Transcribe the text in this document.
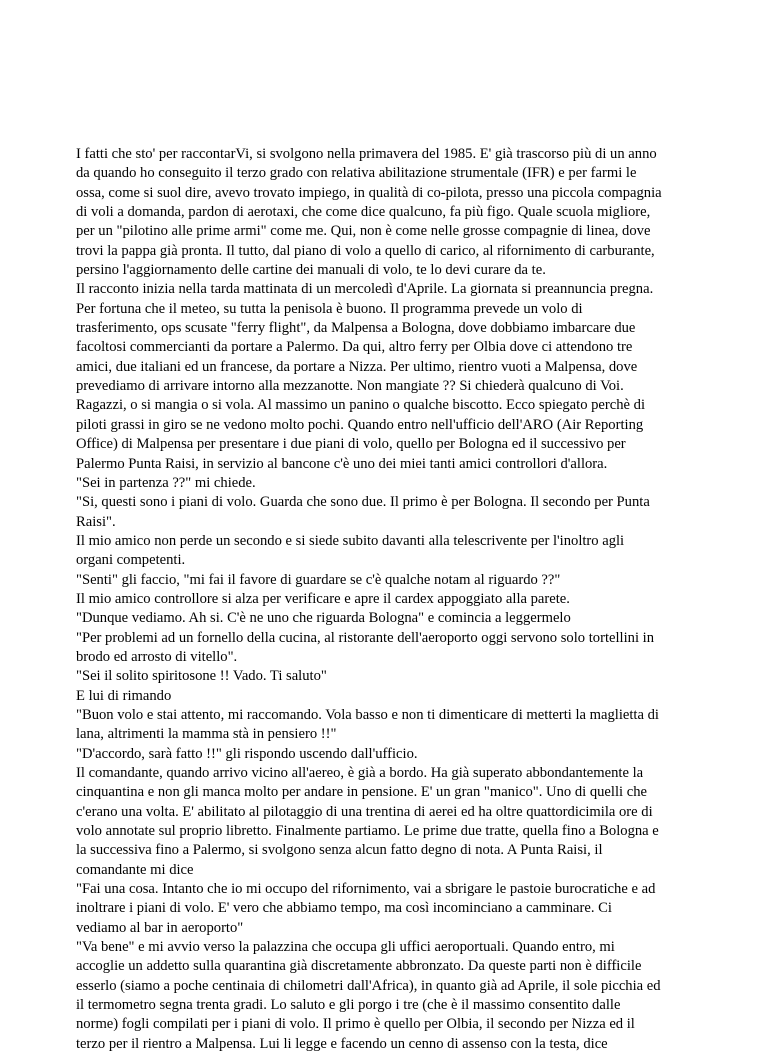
I fatti che sto' per raccontarVi, si svolgono nella primavera del 1985. E' già trascorso più di un anno
da quando ho conseguito il terzo grado con relativa abilitazione strumentale (IFR) e per farmi le
ossa, come si suol dire, avevo trovato impiego, in qualità di co-pilota, presso una piccola compagnia
di voli a domanda, pardon di aerotaxi, che come dice qualcuno, fa più figo. Quale scuola migliore,
per un "pilotino alle prime armi" come me. Qui, non è come nelle grosse compagnie di linea, dove
trovi la pappa già pronta. Il tutto, dal piano di volo a quello di carico, al rifornimento di carburante,
persino l'aggiornamento delle cartine dei manuali di volo, te lo devi curare da te.
Il racconto inizia nella tarda mattinata di un mercoledì d'Aprile. La giornata si preannuncia pregna.
Per fortuna che il meteo, su tutta la penisola è buono. Il programma prevede un volo di
trasferimento, ops scusate "ferry flight", da Malpensa a Bologna, dove dobbiamo imbarcare due
facoltosi commercianti da portare a Palermo. Da qui, altro ferry per Olbia dove ci attendono tre
amici, due italiani ed un francese, da portare a Nizza. Per ultimo, rientro vuoti a Malpensa, dove
prevediamo di arrivare intorno alla mezzanotte. Non mangiate ?? Si chiederà qualcuno di Voi.
Ragazzi, o si mangia o si vola. Al massimo un panino o qualche biscotto. Ecco spiegato perchè di
piloti grassi in giro se ne vedono molto pochi. Quando entro nell'ufficio dell'ARO (Air Reporting
Office) di Malpensa per presentare i due piani di volo, quello per Bologna ed il successivo per
Palermo Punta Raisi, in servizio al bancone c'è uno dei miei tanti amici controllori d'allora.
"Sei in partenza ??" mi chiede.
"Si, questi sono i piani di volo. Guarda che sono due. Il primo è per Bologna. Il secondo per Punta
Raisi".
Il mio amico non perde un secondo e si siede subito davanti alla telescrivente per l'inoltro agli
organi competenti.
"Senti" gli faccio, "mi fai il favore di guardare se c'è qualche notam al riguardo ??"
Il mio amico controllore si alza per verificare e apre il cardex appoggiato alla parete.
"Dunque vediamo. Ah si. C'è ne uno che riguarda Bologna" e comincia a leggermelo
"Per problemi ad un fornello della cucina, al ristorante dell'aeroporto oggi servono solo tortellini in
brodo ed arrosto di vitello".
"Sei il solito spiritosone !! Vado. Ti saluto"
E lui di rimando
"Buon volo e stai attento, mi raccomando. Vola basso e non ti dimenticare di metterti la maglietta di
lana, altrimenti la mamma stà in pensiero !!"
"D'accordo, sarà fatto !!" gli rispondo uscendo dall'ufficio.
Il comandante, quando arrivo vicino all'aereo, è già a bordo. Ha già superato abbondantemente la
cinquantina e non gli manca molto per andare in pensione. E' un gran "manico". Uno di quelli che
c'erano una volta. E' abilitato al pilotaggio di una trentina di aerei ed ha oltre quattordicimila ore di
volo annotate sul proprio libretto. Finalmente partiamo. Le prime due tratte, quella fino a Bologna e
la successiva fino a Palermo, si svolgono senza alcun fatto degno di nota. A Punta Raisi, il
comandante mi dice
"Fai una cosa. Intanto che io mi occupo del rifornimento, vai a sbrigare le pastoie burocratiche e ad
inoltrare i piani di volo. E' vero che abbiamo tempo, ma così incominciano a camminare. Ci
vediamo al bar in aeroporto"
"Va bene" e mi avvio verso la palazzina che occupa gli uffici aeroportuali. Quando entro, mi
accoglie un addetto sulla quarantina già discretamente abbronzato. Da queste parti non è difficile
esserlo (siamo a poche centinaia di chilometri dall'Africa), in quanto già ad Aprile, il sole picchia ed
il termometro segna trenta gradi. Lo saluto e gli porgo i tre (che è il massimo consentito dalle
norme) fogli compilati per i piani di volo. Il primo è quello per Olbia, il secondo per Nizza ed il
terzo per il rientro a Malpensa. Lui li legge e facendo un cenno di assenso con la testa, dice
